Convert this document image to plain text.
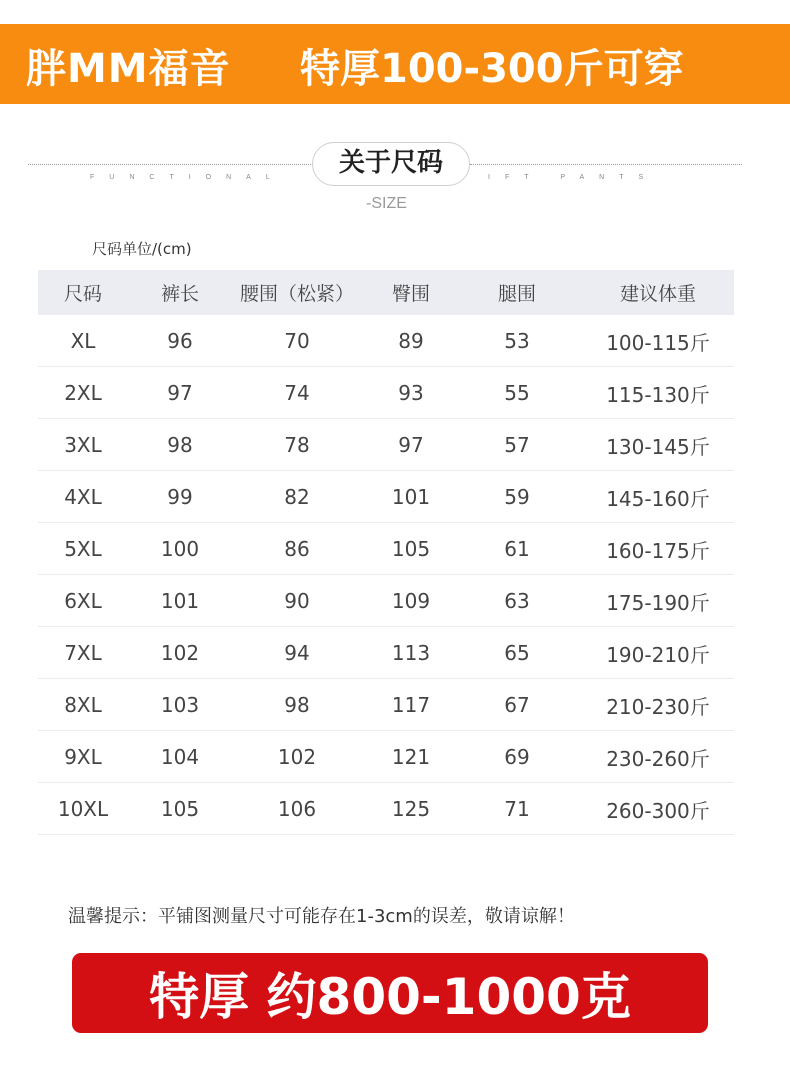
胖MM福音 特厚100-300斤可穿
FUNCTIONAL	IFT PANTS
关于尺码
-SIZE
尺码单位/(cm)
尺码	裤长	腰围（松紧）	臀围	腿围	建议体重
XL	96	70	89	53	100-115斤
2XL	97	74	93	55	115-130斤
3XL	98	78	97	57	130-145斤
4XL	99	82	101	59	145-160斤
5XL	100	86	105	61	160-175斤
6XL	101	90	109	63	175-190斤
7XL	102	94	113	65	190-210斤
8XL	103	98	117	67	210-230斤
9XL	104	102	121	69	230-260斤
10XL	105	106	125	71	260-300斤
温馨提示：平铺图测量尺寸可能存在1-3cm的误差，敬请谅解！
特厚 约800-1000克
